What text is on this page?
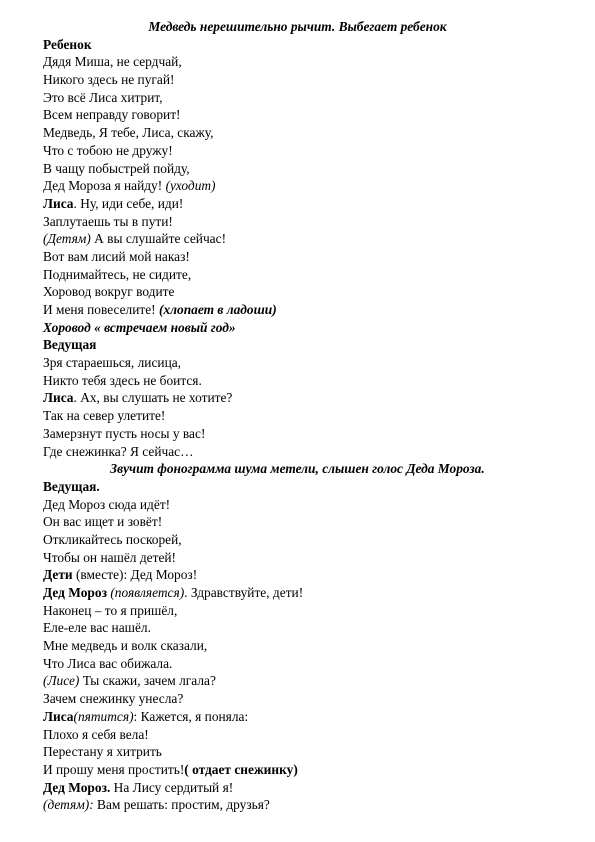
Медведь нерешительно рычит. Выбегает ребенок
Ребенок
Дядя Миша, не сердчай,
Никого здесь не пугай!
Это всё Лиса хитрит,
Всем неправду говорит!
Медведь, Я тебе, Лиса, скажу,
Что с тобою не дружу!
В чащу побыстрей пойду,
Дед Мороза я найду! (уходит)
Лиса. Ну, иди себе, иди!
Заплутаешь ты в пути!
(Детям) А вы слушайте сейчас!
Вот вам лисий мой наказ!
Поднимайтесь, не сидите,
Хоровод вокруг водите
И меня повеселите! (хлопает в ладоши)
Хоровод « встречаем новый год»
Ведущая
Зря стараешься, лисица,
Никто тебя здесь не боится.
Лиса. Ах, вы слушать не хотите?
Так на север улетите!
Замерзнут пусть носы у вас!
Где снежинка? Я сейчас…
Звучит фонограмма шума метели, слышен голос Деда Мороза.
Ведущая.
Дед Мороз сюда идёт!
Он вас ищет и зовёт!
Откликайтесь поскорей,
Чтобы он нашёл детей!
Дети (вместе): Дед Мороз!
Дед Мороз (появляется). Здравствуйте, дети!
Наконец – то я пришёл,
Еле-еле вас нашёл.
Мне медведь и волк сказали,
Что Лиса вас обижала.
(Лисе) Ты скажи, зачем лгала?
Зачем снежинку унесла?
Лиса(пятится): Кажется, я поняла:
Плохо я себя вела!
Перестану я хитрить
И прошу меня простить!( отдает снежинку)
Дед Мороз. На Лису сердитый я!
(детям): Вам решать: простим, друзья?
